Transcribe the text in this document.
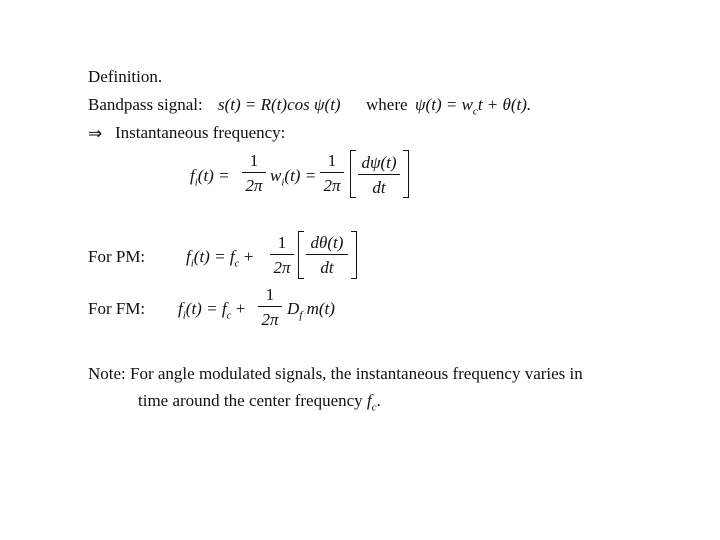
Definition.
Bandpass signal: s(t) = R(t)cos ψ(t) where $\psi(t) = w_ct + \theta(t)$.
⇒ Instantaneous frequency:
$f_i(t)$ =
1
2π
$w_i(t)$ =
1
2π
dψ(t)
dt
For PM: $f_i(t) = f_c$ +
1
2π
dθ(t)
dt
For FM: $f_i(t) = f_c$ +
1
2π
$D_f$ m(t)
Note: For angle modulated signals, the instantaneous frequency varies in
time around the center frequency $f_c$.
